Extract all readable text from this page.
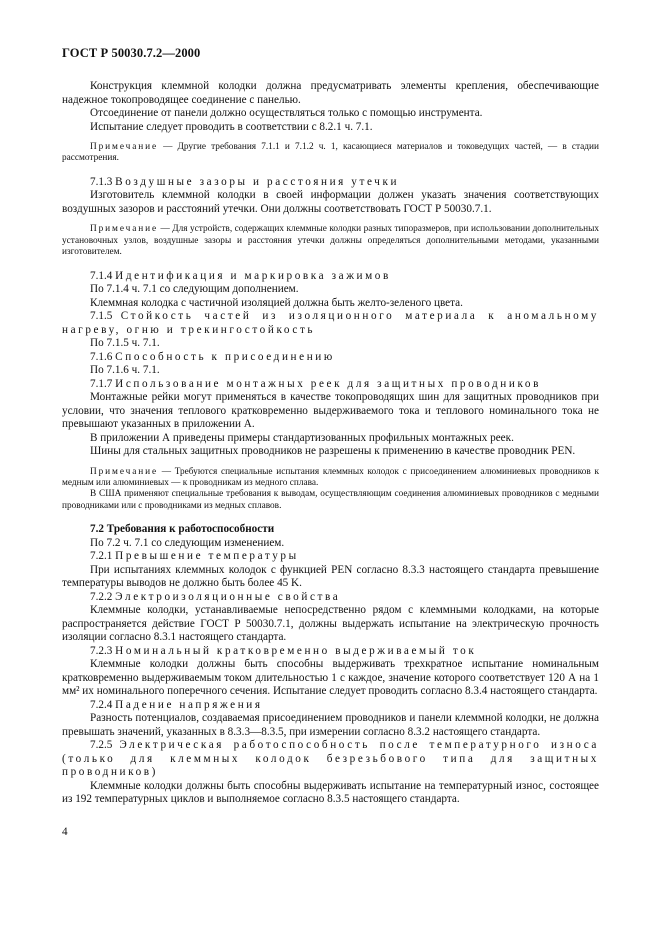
ГОСТ Р 50030.7.2—2000

Конструкция клеммной колодки должна предусматривать элементы крепления, обеспечивающие надежное токопроводящее соединение с панелью.

Отсоединение от панели должно осуществляться только с помощью инструмента.

Испытание следует проводить в соответствии с 8.2.1 ч. 7.1.

Примечание — Другие требования 7.1.1 и 7.1.2 ч. 1, касающиеся материалов и токоведущих частей, — в стадии рассмотрения.

7.1.3 Воздушные зазоры и расстояния утечки

Изготовитель клеммной колодки в своей информации должен указать значения соответствующих воздушных зазоров и расстояний утечки. Они должны соответствовать ГОСТ Р 50030.7.1.

Примечание — Для устройств, содержащих клеммные колодки разных типоразмеров, при использовании дополнительных установочных узлов, воздушные зазоры и расстояния утечки должны определяться дополнительными методами, указанными изготовителем.

7.1.4 Идентификация и маркировка зажимов

По 7.1.4 ч. 7.1 со следующим дополнением.

Клеммная колодка с частичной изоляцией должна быть желто-зеленого цвета.

7.1.5 Стойкость частей из изоляционного материала к аномальному нагреву, огню и трекингостойкость

По 7.1.5 ч. 7.1.

7.1.6 Способность к присоединению

По 7.1.6 ч. 7.1.

7.1.7 Использование монтажных реек для защитных проводников

Монтажные рейки могут применяться в качестве токопроводящих шин для защитных проводников при условии, что значения теплового кратковременно выдерживаемого тока и теплового номинального тока не превышают указанных в приложении А.

В приложении А приведены примеры стандартизованных профильных монтажных реек.

Шины для стальных защитных проводников не разрешены к применению в качестве проводник PEN.

Примечание — Требуются специальные испытания клеммных колодок с присоединением алюминиевых проводников к медным или алюминиевых — к проводникам из медного сплава.

В США применяют специальные требования к выводам, осуществляющим соединения алюминиевых проводников с медными проводниками или с проводниками из медных сплавов.

7.2 Требования к работоспособности

По 7.2 ч. 7.1 со следующим изменением.

7.2.1 Превышение температуры

При испытаниях клеммных колодок с функцией PEN согласно 8.3.3 настоящего стандарта превышение температуры выводов не должно быть более 45 K.

7.2.2 Электроизоляционные свойства

Клеммные колодки, устанавливаемые непосредственно рядом с клеммными колодками, на которые распространяется действие ГОСТ Р 50030.7.1, должны выдержать испытание на электрическую прочность изоляции согласно 8.3.1 настоящего стандарта.

7.2.3 Номинальный кратковременно выдерживаемый ток

Клеммные колодки должны быть способны выдерживать трехкратное испытание номинальным кратковременно выдерживаемым током длительностью 1 с каждое, значение которого соответствует 120 А на 1 мм² их номинального поперечного сечения. Испытание следует проводить согласно 8.3.4 настоящего стандарта.

7.2.4 Падение напряжения

Разность потенциалов, создаваемая присоединением проводников и панели клеммной колодки, не должна превышать значений, указанных в 8.3.3—8.3.5, при измерении согласно 8.3.2 настоящего стандарта.

7.2.5 Электрическая работоспособность после температурного износа (только для клеммных колодок безрезьбового типа для защитных проводников)

Клеммные колодки должны быть способны выдерживать испытание на температурный износ, состоящее из 192 температурных циклов и выполняемое согласно 8.3.5 настоящего стандарта.

4
